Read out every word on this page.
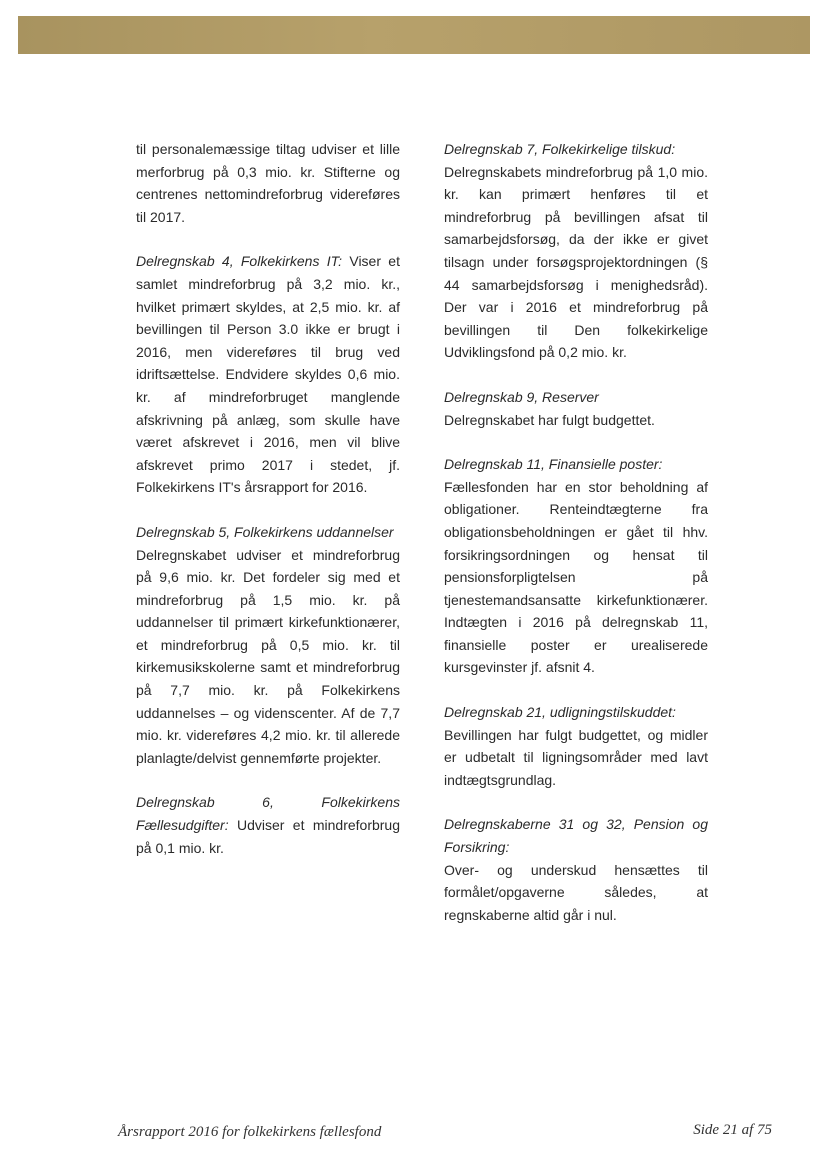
til personalemæssige tiltag udviser et lille merforbrug på 0,3 mio. kr. Stifterne og centrenes nettomindreforbrug videreføres til 2017.

Delregnskab 4, Folkekirkens IT: Viser et samlet mindreforbrug på 3,2 mio. kr., hvilket primært skyldes, at 2,5 mio. kr. af bevillingen til Person 3.0 ikke er brugt i 2016, men videreføres til brug ved idriftsættelse. Endvidere skyldes 0,6 mio. kr. af mindreforbruget manglende afskrivning på anlæg, som skulle have været afskrevet i 2016, men vil blive afskrevet primo 2017 i stedet, jf. Folkekirkens IT's årsrapport for 2016.

Delregnskab 5, Folkekirkens uddannelser
Delregnskabet udviser et mindreforbrug på 9,6 mio. kr. Det fordeler sig med et mindreforbrug på 1,5 mio. kr. på uddannelser til primært kirkefunktionærer, et mindreforbrug på 0,5 mio. kr. til kirkemusikskolerne samt et mindreforbrug på 7,7 mio. kr. på Folkekirkens uddannelses – og videnscenter. Af de 7,7 mio. kr. videreføres 4,2 mio. kr. til allerede planlagte/delvist gennemførte projekter.

Delregnskab 6, Folkekirkens Fællesudgifter: Udviser et mindreforbrug på 0,1 mio. kr.

Delregnskab 7, Folkekirkelige tilskud:
Delregnskabets mindreforbrug på 1,0 mio. kr. kan primært henføres til et mindreforbrug på bevillingen afsat til samarbejdsforsøg, da der ikke er givet tilsagn under forsøgsprojektordningen (§ 44 samarbejdsforsøg i menighedsråd). Der var i 2016 et mindreforbrug på bevillingen til Den folkekirkelige Udviklingsfond på 0,2 mio. kr.

Delregnskab 9, Reserver
Delregnskabet har fulgt budgettet.

Delregnskab 11, Finansielle poster:
Fællesfonden har en stor beholdning af obligationer. Renteindtægterne fra obligationsbeholdningen er gået til hhv. forsikringsordningen og hensat til pensionsforpligtelsen på tjenestemandsansatte kirkefunktionærer. Indtægten i 2016 på delregnskab 11, finansielle poster er urealiserede kursgevinster jf. afsnit 4.

Delregnskab 21, udligningstilskuddet:
Bevillingen har fulgt budgettet, og midler er udbetalt til ligningsområder med lavt indtægtsgrundlag.

Delregnskaberne 31 og 32, Pension og Forsikring:
Over- og underskud hensættes til formålet/opgaverne således, at regnskaberne altid går i nul.

Årsrapport 2016 for folkekirkens fællesfond	Side 21 af 75
